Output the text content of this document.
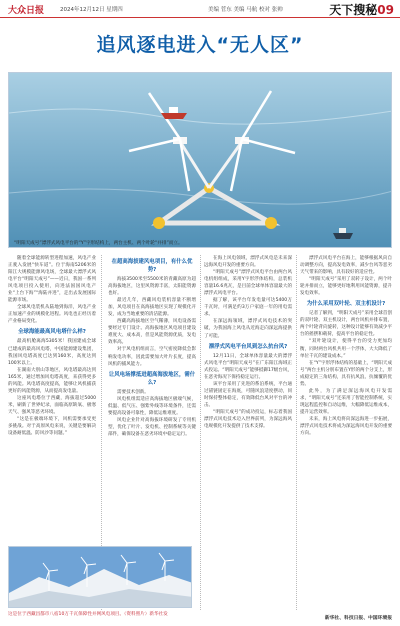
大众日报	2024年12月12日 星期四	美编 菅东 美编 马航 校对 张帅	天下搜秘09
追风逐电进入“无人区”
“明阳天成号”漂浮式风电平台的“Y”字形结构上，两台主机、两个叶轮“并排”而立。

随着全球能源转型进程加速，风电产业正驶入发展“快车道”。位于海南5206米的阳江大规模能源风电场，全球最大漂浮式风电平台“明阳天成号”——近日，我国一系列风电项目投入使用，向进法国国风电产业“上台下海”“海陆并进”，走出去发展国际能源市场。

全球风电装机从陆地到海洋，风电产业正加速产业的规模化进程。风电也正经历着产业格局变化。

全球海能最高风电塔什么样?

最高机舱离海5305米！我国建成全球已建成的最高风电塔，中国能源建设集团，我国风电塔高度已达到160米，高度达到100米以上。

在湖南大别山等地区，风电塔最高达到165米，通过增加风电塔高度，来获得更多的风能。风电塔高度提高，能够让风机捕获更好的风能资源，从而提高发电量。

这座风电塔位于西藏，海拔超过5000米，刷新了世界纪录，面临高原缺氧、极寒天气、强风等恶劣环境。

“这是在极端环境下，风机需要承受更多挑战。对于高原风电来说，关键是要解决设备耐低温、防风沙等问题。”

在超高海拔建风电项目，有什么优势?

海拔3500米至5500米的青藏高原为超高海拔地区，这里风资源丰富，太阳能资源也好。

最近几年，西藏风电装机容量不断增加，风电项目在高海拔地区实现了规模化开发，成为当地重要的清洁能源。

西藏高海拔地区空气稀薄，风电设备需要经过专门设计。高海拔地区风电项目建设难度大、成本高，但是风能资源优质，发电效率高。

对于风电机组而言，空气密度降低会影响发电功率，因此需要加大叶片长度，提高风机的捕风能力。

让风电场撑抵进超高海拔地区，需什么?

需要技术创新。

风电机组需适应高海拔地区极端气候，低温、低气压、强紫外线等环境条件，还需要提高设备可靠性，降低运维难度。

风电企业针对高海拔环境研发了专用机型，优化了叶片、发电机、控制系统等关键部件，确保设备在恶劣环境中稳定运行。

在海上风电领域，漂浮式风电是未来深远海风电开发的重要方向。

“明阳天成号”漂浮式风电平台由两台风电机组组成，采用Y字形浮体结构，总装机容量16.6兆瓦，是目前全球单体容量最大的漂浮式风电平台。

据了解，该平台年发电量可达5400万千瓦时，可满足约3万户家庭一年的用电需求。

在深远海领域，漂浮式风电技术的突破，为我国海上风电从近海走向深远海提供了可能。

漂浮式风电平台风到怎么抗台风?

12月11日，全球单体容量最大的漂浮式风电平台“明阳天成号”在广东阳江海域正式投运。“明阳天成号”能够抵御17级台风，在恶劣海况下保持稳定运行。

该平台采用了先进的系泊系统，平台通过锚链固定在海底，可随风浪适度摆动，同时保持整体稳定，有效降低台风对平台的冲击。

“明阳天成号”的成功投运，标志着我国漂浮式风电技术迈入世界前列，为深远海风电规模化开发提供了技术支撑。

漂浮式风电平台在海上，能够根据风向自动调整方向，提高发电效率，减少台风等恶劣天气带来的影响，具有较好的适应性。

“明阳天成号”采用了双转子设计，两个叶轮并排而立，能够更好地利用风能资源，提升发电效率。

为什么采用双叶轮、双主机设计?

记者了解到，“明阳天成号”采用全球首创的双叶轮、双主机设计，两台风机并排布置，两个叶轮背向旋转，这种设计能够有效减少平台的摇摆和载荷，提高平台的稳定性。

“双叶轮设计，使得平台的受力更加均衡，同时两台风机共用一个浮体，大大降低了单位千瓦的建设成本。”

在“Y”字形浮体结构的基础上，“明阳天成号”两台主机分别布置在Y形的两个分支上，形成稳定的三角结构，具有抗风浪、抗倾覆的优势。

此外，为了满足深远海风电开发需求，“明阳天成号”还采用了智能控制系统，实现远程监控和自动运维，大幅降低运维成本，提升运营效率。

未来，海上风电将向深远海进一步拓展，漂浮式风电技术将成为深远海风电开发的重要方向。

这是位于西藏昌都市八宿10万千瓦保障性并网风电项目。（资料照片）新华社发
新华社、科技日报、中国环境报
